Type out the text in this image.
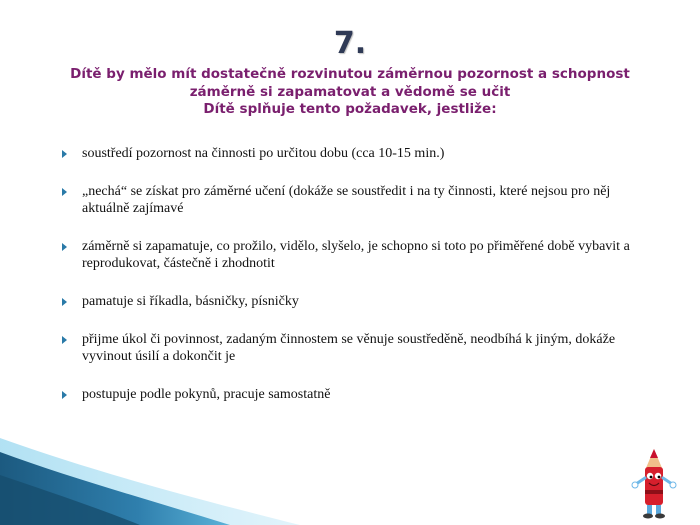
7.
Dítě by mělo mít dostatečně rozvinutou záměrnou pozornost a schopnost
záměrně si zapamatovat a vědomě se učit
Dítě splňuje tento požadavek, jestliže:
soustředí pozornost na činnosti po určitou dobu (cca 10-15 min.)
„nechá“ se získat pro záměrné učení (dokáže se soustředit i na ty činnosti, které nejsou pro něj aktuálně zajímavé
záměrně si zapamatuje, co prožilo, vidělo, slyšelo, je schopno si toto po přiměřené době vybavit a reprodukovat, částečně i zhodnotit
pamatuje si říkadla, básničky, písničky
přijme úkol či povinnost, zadaným činnostem se věnuje soustředěně, neodbíhá k jiným, dokáže vyvinout úsilí a dokončit je
postupuje podle pokynů, pracuje samostatně
